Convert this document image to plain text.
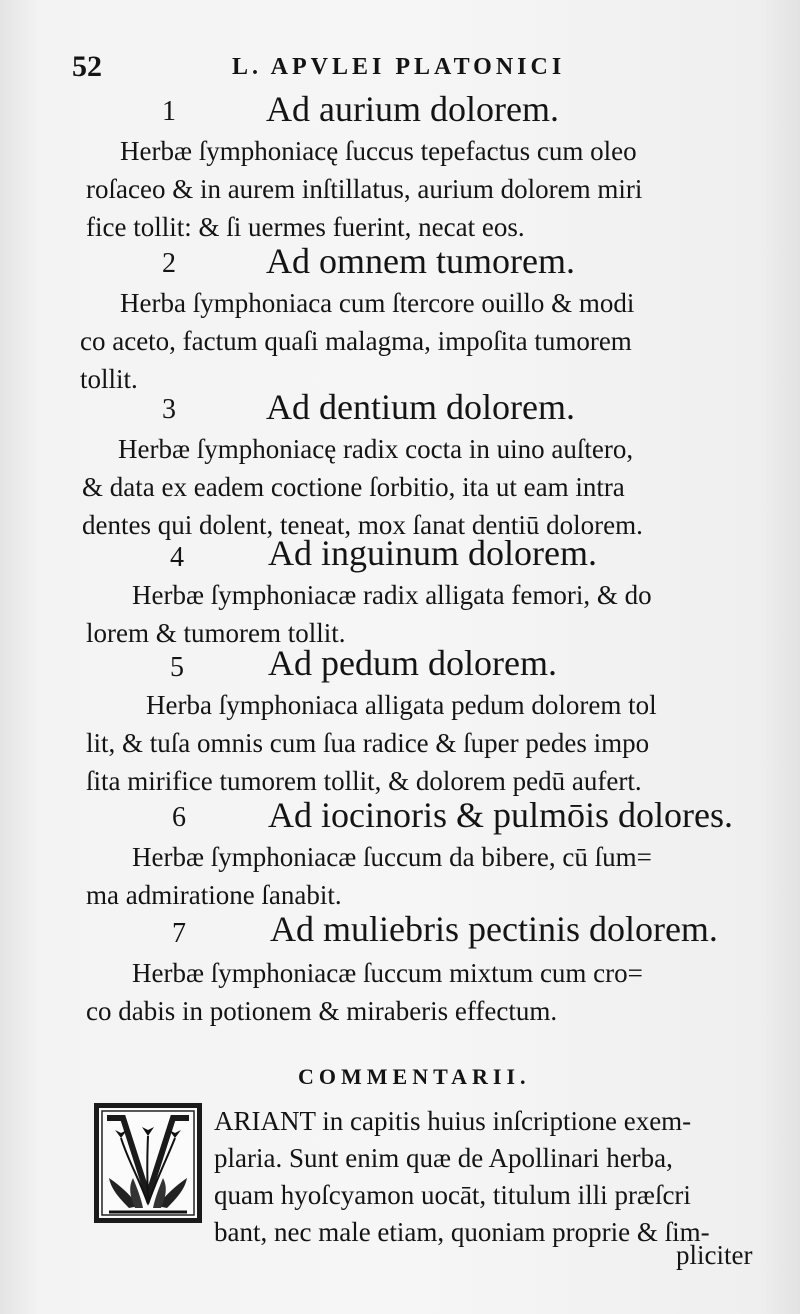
52	L. APVLEI PLATONICI
1	Ad aurium dolorem.
Herbæ ſymphoniacę ſuccus tepefactus cum oleo
roſaceo & in aurem inſtillatus, aurium dolorem miri
fice tollit: & ſi uermes fuerint, necat eos.
2	Ad omnem tumorem.
Herba ſymphoniaca cum ſtercore ouillo & modi
co aceto, factum quaſi malagma, impoſita tumorem
tollit.
3	Ad dentium dolorem.
Herbæ ſymphoniacę radix cocta in uino auſtero,
& data ex eadem coctione ſorbitio, ita ut eam intra
dentes qui dolent, teneat, mox ſanat dentiū dolorem.
4 Ad inguinum dolorem.
Herbæ ſymphoniacæ radix alligata femori, & do
lorem & tumorem tollit.
5 Ad pedum dolorem.
Herba ſymphoniaca alligata pedum dolorem tol
lit, & tuſa omnis cum ſua radice & ſuper pedes impo
ſita mirifice tumorem tollit, & dolorem pedū aufert.
6 Ad iocinoris & pulmōis dolores.
Herbæ ſymphoniacæ ſuccum da bibere, cū ſum=
ma admiratione ſanabit.
7 Ad muliebris pectinis dolorem.
Herbæ ſymphoniacæ ſuccum mixtum cum cro=
co dabis in potionem & miraberis effectum.
COMMENTARII.
ARIANT in capitis huius inſcriptione exem-
plaria. Sunt enim quæ de Apollinari herba,
quam hyoſcyamon uocāt, titulum illi præſcri
bant, nec male etiam, quoniam proprie & ſim-
pliciter
